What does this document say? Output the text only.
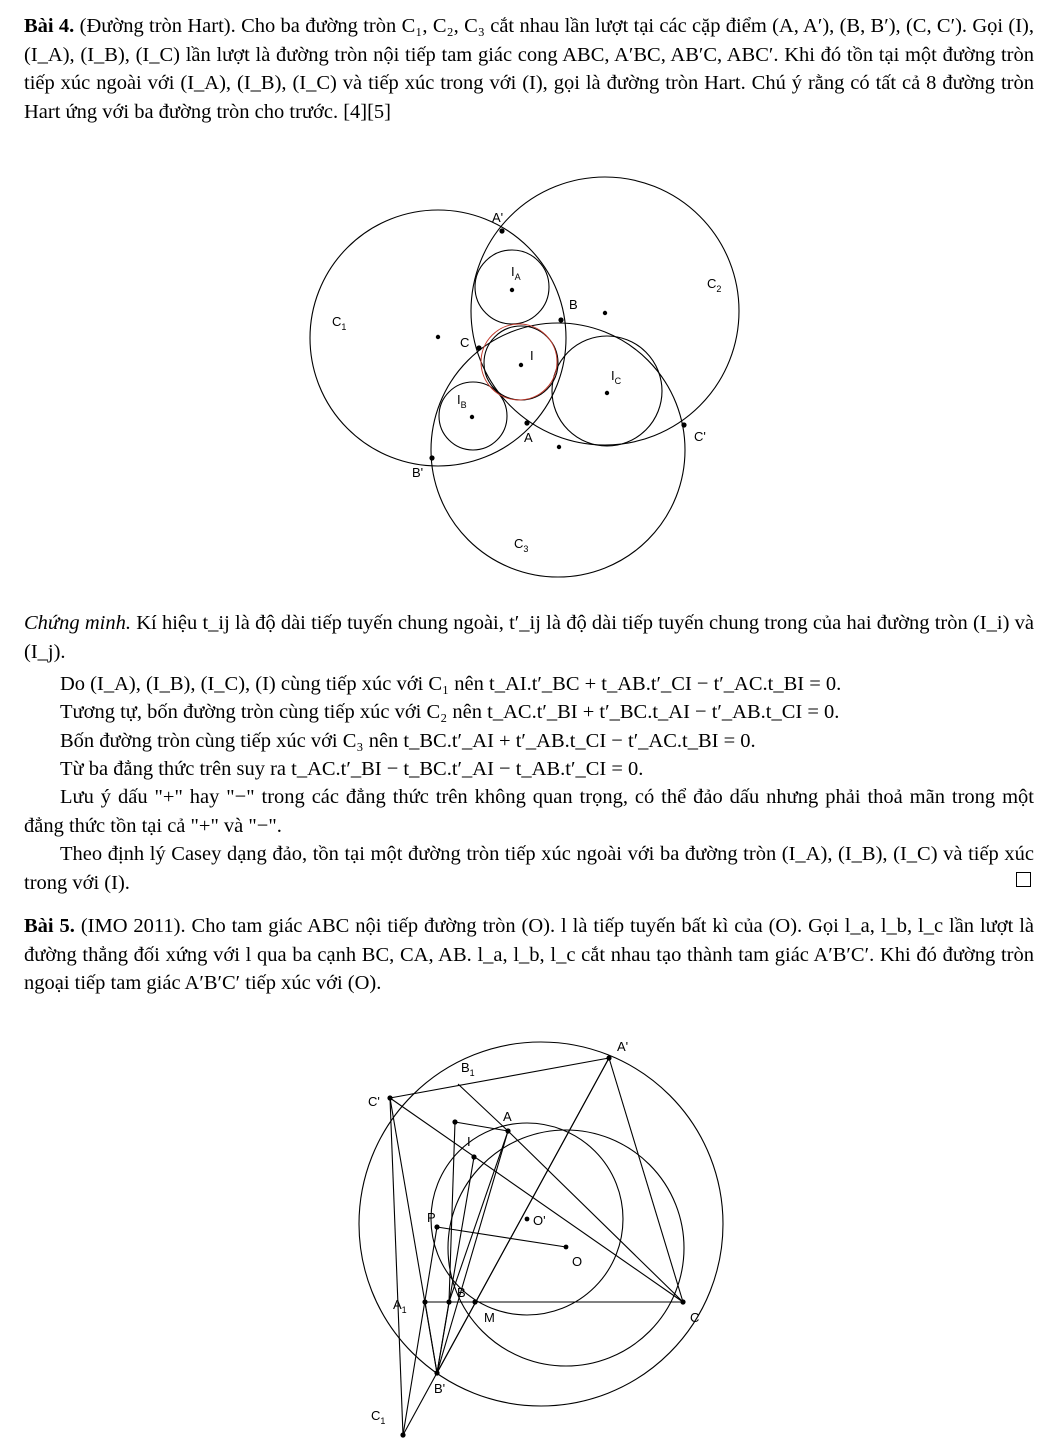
Bài 4. (Đường tròn Hart). Cho ba đường tròn C₁, C₂, C₃ cắt nhau lần lượt tại các cặp điểm (A, A′), (B, B′), (C, C′). Gọi (I), (I_A), (I_B), (I_C) lần lượt là đường tròn nội tiếp tam giác cong ABC, A′BC, AB′C, ABC′. Khi đó tồn tại một đường tròn tiếp xúc ngoài với (I_A), (I_B), (I_C) và tiếp xúc trong với (I), gọi là đường tròn Hart. Chú ý rằng có tất cả 8 đường tròn Hart ứng với ba đường tròn cho trước. [4][5]
A'
$I_A$
B
$C_2$
$C_1$
C
I
$I_C$
$I_B$
A	C'
B'
$C_3$
Chứng minh. Kí hiệu t_ij là độ dài tiếp tuyến chung ngoài, t′_ij là độ dài tiếp tuyến chung trong của hai đường tròn (I_i) và (I_j).
Do (I_A), (I_B), (I_C), (I) cùng tiếp xúc với C₁ nên t_AI.t′_BC + t_AB.t′_CI − t′_AC.t_BI = 0.
Tương tự, bốn đường tròn cùng tiếp xúc với C₂ nên t_AC.t′_BI + t′_BC.t_AI − t′_AB.t_CI = 0.
Bốn đường tròn cùng tiếp xúc với C₃ nên t_BC.t′_AI + t′_AB.t_CI − t′_AC.t_BI = 0.
Từ ba đẳng thức trên suy ra t_AC.t′_BI − t_BC.t′_AI − t_AB.t′_CI = 0.
Lưu ý dấu "+" hay "−" trong các đẳng thức trên không quan trọng, có thể đảo dấu nhưng phải thoả mãn trong một đẳng thức tồn tại cả "+" và "−".
Theo định lý Casey dạng đảo, tồn tại một đường tròn tiếp xúc ngoài với ba đường tròn (I_A), (I_B), (I_C) và tiếp xúc trong với (I).
Bài 5. (IMO 2011). Cho tam giác ABC nội tiếp đường tròn (O). l là tiếp tuyến bất kì của (O). Gọi l_a, l_b, l_c lần lượt là đường thẳng đối xứng với l qua ba cạnh BC, CA, AB. l_a, l_b, l_c cắt nhau tạo thành tam giác A′B′C′. Khi đó đường tròn ngoại tiếp tam giác A′B′C′ tiếp xúc với (O).
A'
$B_1$
C'
A
I
P	O'
O
$A_1$
B
M	C
B'
$C_1$
